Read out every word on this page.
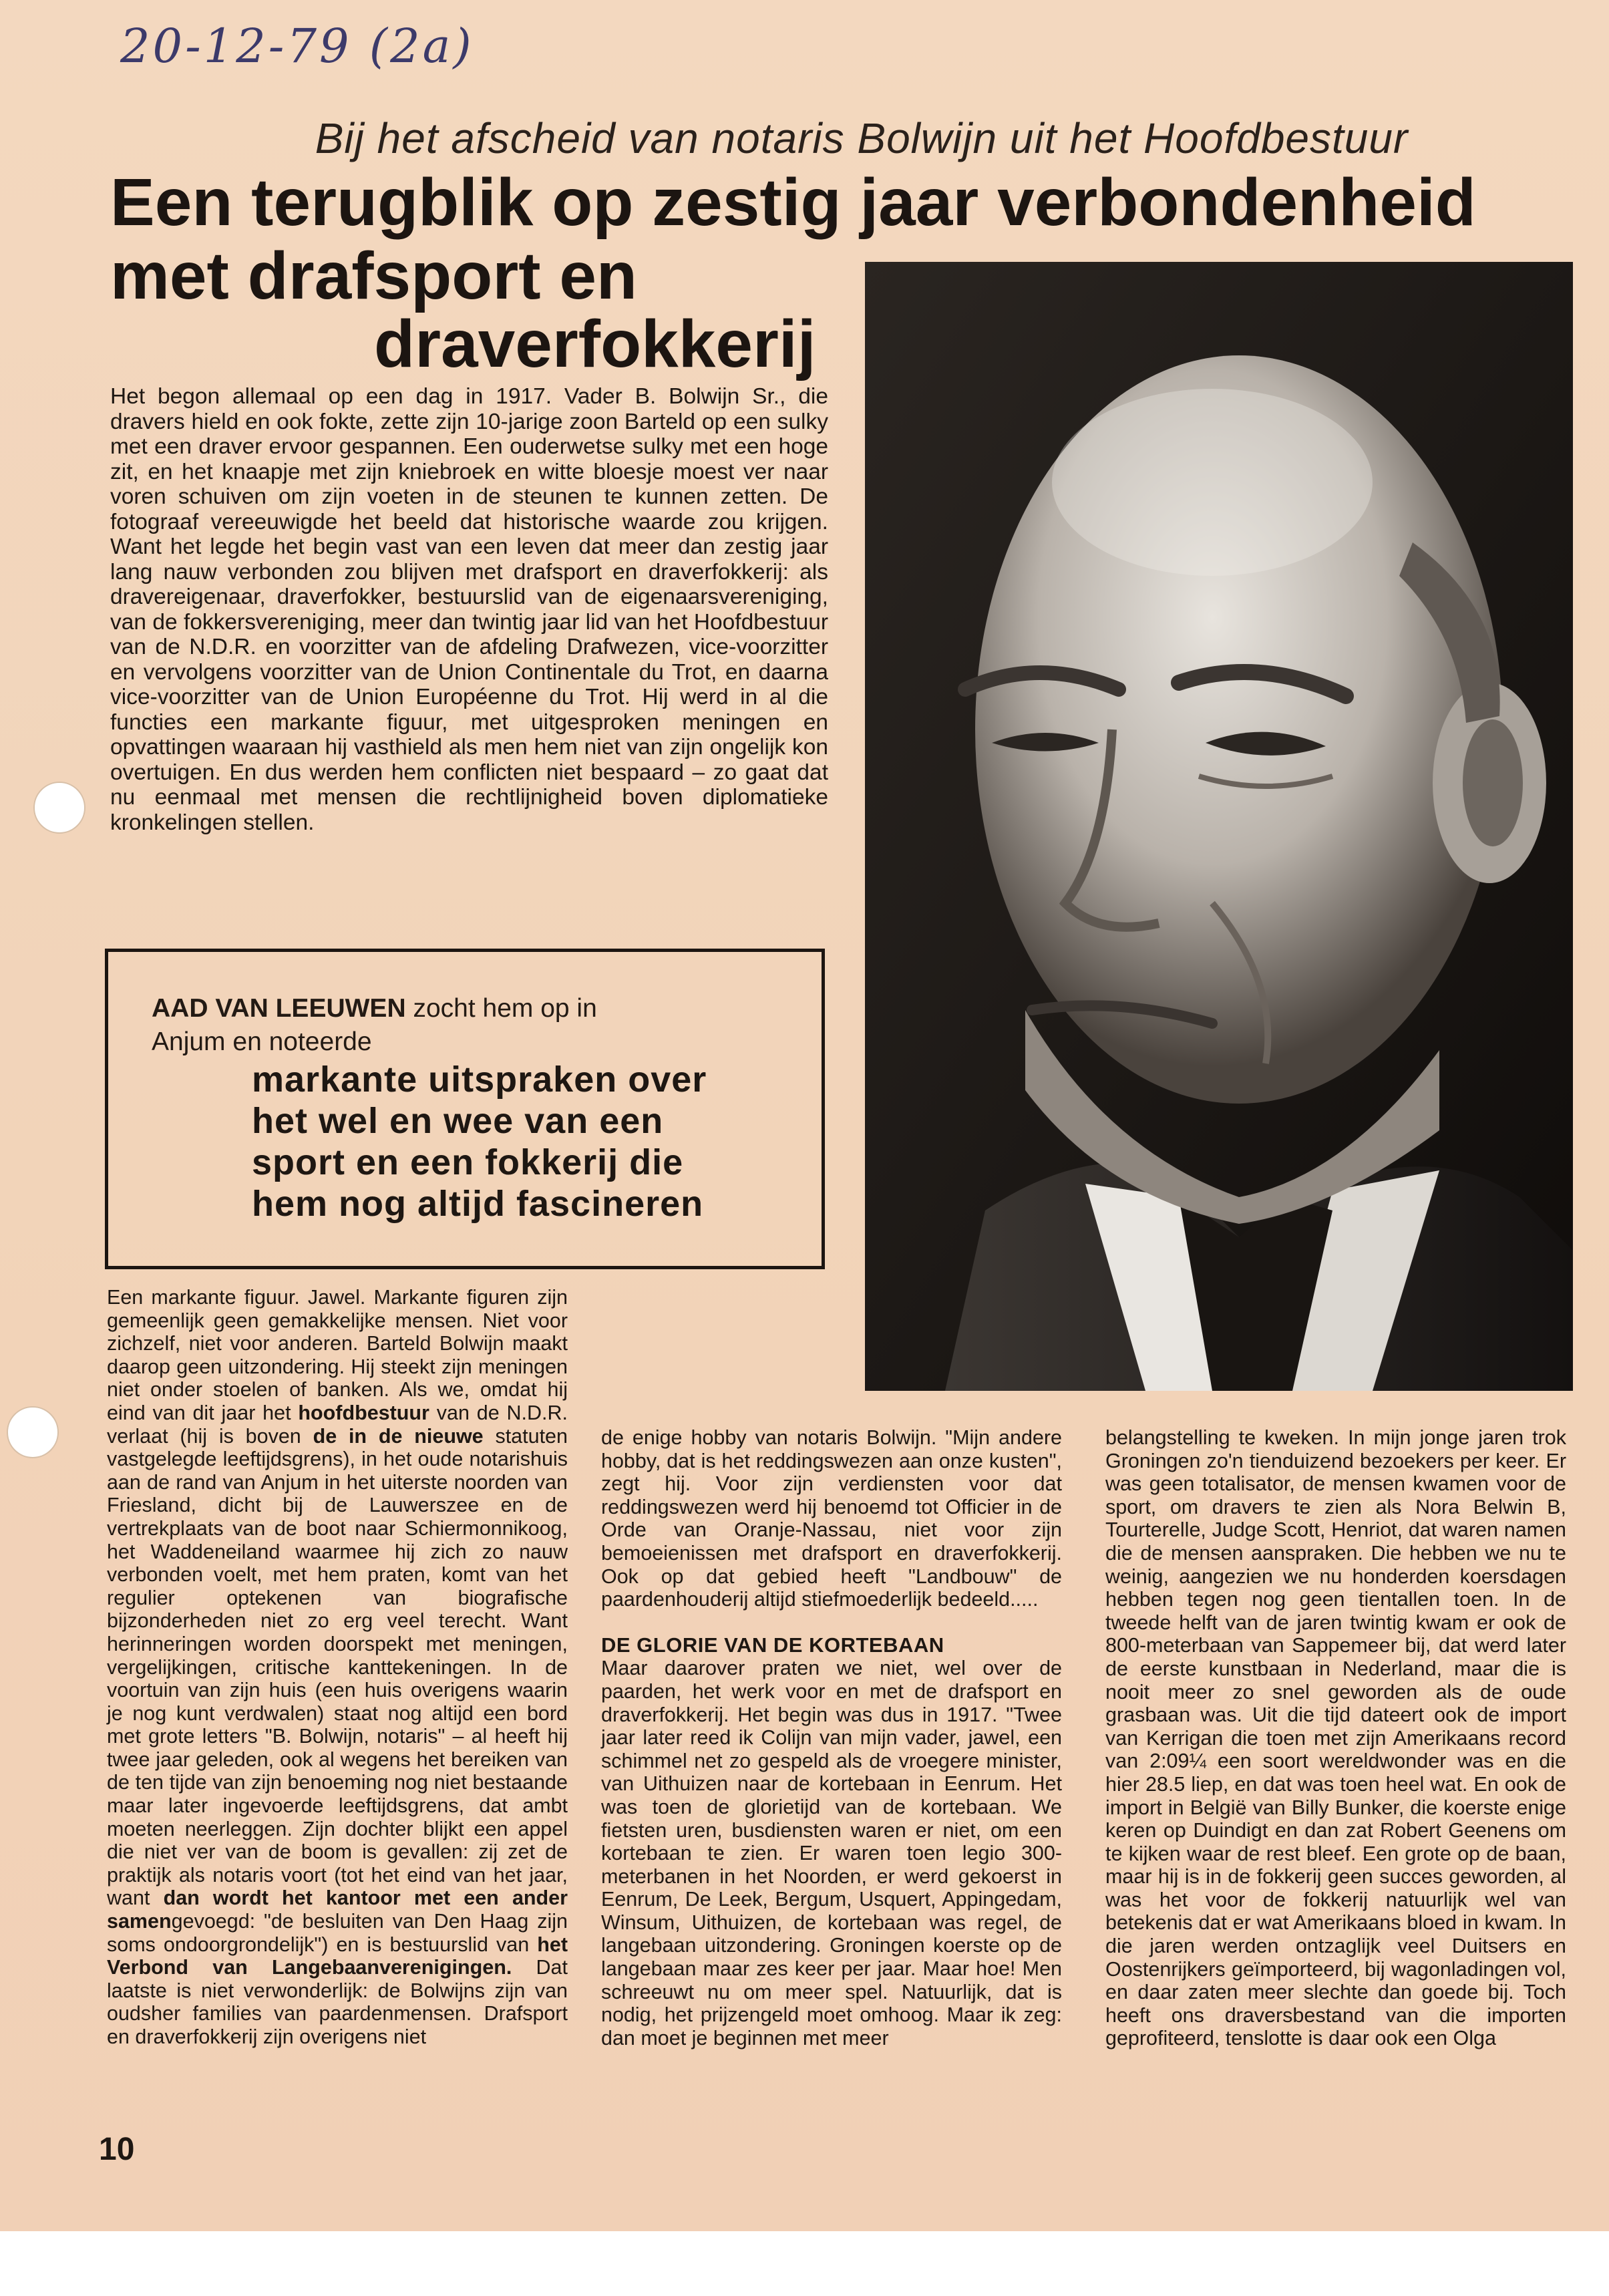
20-12-79 (2a)
Bij het afscheid van notaris Bolwijn uit het Hoofdbestuur
Een terugblik op zestig jaar verbondenheid
met drafsport en
draverfokkerij
Het begon allemaal op een dag in 1917. Vader B. Bolwijn Sr., die dravers hield en ook fokte, zette zijn 10-jarige zoon Barteld op een sulky met een draver ervoor gespannen. Een ouderwetse sulky met een hoge zit, en het knaapje met zijn kniebroek en witte bloesje moest ver naar voren schuiven om zijn voeten in de steunen te kunnen zetten. De fotograaf vereeuwigde het beeld dat historische waarde zou krijgen. Want het legde het begin vast van een leven dat meer dan zestig jaar lang nauw verbonden zou blijven met drafsport en draverfokkerij: als dravereigenaar, draverfokker, bestuurslid van de eigenaarsvereniging, van de fokkersvereniging, meer dan twintig jaar lid van het Hoofdbestuur van de N.D.R. en voorzitter van de afdeling Drafwezen, vice-voorzitter en vervolgens voorzitter van de Union Continentale du Trot, en daarna vice-voorzitter van de Union Européenne du Trot. Hij werd in al die functies een markante figuur, met uitgesproken meningen en opvattingen waaraan hij vasthield als men hem niet van zijn ongelijk kon overtuigen. En dus werden hem conflicten niet bespaard – zo gaat dat nu eenmaal met mensen die rechtlijnigheid boven diplomatieke kronkelingen stellen.
AAD VAN LEEUWEN zocht hem op in
Anjum en noteerde
markante uitspraken over
het wel en wee van een
sport en een fokkerij die
hem nog altijd fascineren

Een markante figuur. Jawel. Markante figuren zijn gemeenlijk geen gemakkelijke mensen. Niet voor zichzelf, niet voor anderen. Barteld Bolwijn maakt daarop geen uitzondering. Hij steekt zijn meningen niet onder stoelen of banken. Als we, omdat hij eind van dit jaar het hoofdbestuur van de N.D.R. verlaat (hij is boven de in de nieuwe statuten vastgelegde leeftijdsgrens), in het oude notarishuis aan de rand van Anjum in het uiterste noorden van Friesland, dicht bij de Lauwerszee en de vertrekplaats van de boot naar Schiermonnikoog, het Waddeneiland waarmee hij zich zo nauw verbonden voelt, met hem praten, komt van het regulier optekenen van biografische bijzonderheden niet zo erg veel terecht. Want herinneringen worden doorspekt met meningen, vergelijkingen, critische kanttekeningen. In de voortuin van zijn huis (een huis overigens waarin je nog kunt verdwalen) staat nog altijd een bord met grote letters "B. Bolwijn, notaris" – al heeft hij twee jaar geleden, ook al wegens het bereiken van de ten tijde van zijn benoeming nog niet bestaande maar later ingevoerde leeftijdsgrens, dat ambt moeten neerleggen. Zijn dochter blijkt een appel die niet ver van de boom is gevallen: zij zet de praktijk als notaris voort (tot het eind van het jaar, want dan wordt het kantoor met een ander samengevoegd: "de besluiten van Den Haag zijn soms ondoorgrondelijk") en is bestuurslid van het Verbond van Langebaanverenigingen. Dat laatste is niet verwonderlijk: de Bolwijns zijn van oudsher families van paardenmensen. Drafsport en draverfokkerij zijn overigens niet

de enige hobby van notaris Bolwijn. "Mijn andere hobby, dat is het reddingswezen aan onze kusten", zegt hij. Voor zijn verdiensten voor dat reddingswezen werd hij benoemd tot Officier in de Orde van Oranje-Nassau, niet voor zijn bemoeienissen met drafsport en draverfokkerij. Ook op dat gebied heeft "Landbouw" de paardenhouderij altijd stiefmoederlijk bedeeld.....

DE GLORIE VAN DE KORTEBAAN

Maar daarover praten we niet, wel over de paarden, het werk voor en met de drafsport en draverfokkerij. Het begin was dus in 1917. "Twee jaar later reed ik Colijn van mijn vader, jawel, een schimmel net zo gespeld als de vroegere minister, van Uithuizen naar de kortebaan in Eenrum. Het was toen de glorietijd van de kortebaan. We fietsten uren, busdiensten waren er niet, om een kortebaan te zien. Er waren toen legio 300-meterbanen in het Noorden, er werd gekoerst in Eenrum, De Leek, Bergum, Usquert, Appingedam, Winsum, Uithuizen, de kortebaan was regel, de langebaan uitzondering. Groningen koerste op de langebaan maar zes keer per jaar. Maar hoe! Men schreeuwt nu om meer spel. Natuurlijk, dat is nodig, het prijzengeld moet omhoog. Maar ik zeg: dan moet je beginnen met meer

belangstelling te kweken. In mijn jonge jaren trok Groningen zo'n tienduizend bezoekers per keer. Er was geen totalisator, de mensen kwamen voor de sport, om dravers te zien als Nora Belwin B, Tourterelle, Judge Scott, Henriot, dat waren namen die de mensen aanspraken. Die hebben we nu te weinig, aangezien we nu honderden koersdagen hebben tegen nog geen tientallen toen. In de tweede helft van de jaren twintig kwam er ook de 800-meterbaan van Sappemeer bij, dat werd later de eerste kunstbaan in Nederland, maar die is nooit meer zo snel geworden als de oude grasbaan was. Uit die tijd dateert ook de import van Kerrigan die toen met zijn Amerikaans record van 2:09¼ een soort wereldwonder was en die hier 28.5 liep, en dat was toen heel wat. En ook de import in België van Billy Bunker, die koerste enige keren op Duindigt en dan zat Robert Geenens om te kijken waar de rest bleef. Een grote op de baan, maar hij is in de fokkerij geen succes geworden, al was het voor de fokkerij natuurlijk wel van betekenis dat er wat Amerikaans bloed in kwam. In die jaren werden ontzaglijk veel Duitsers en Oostenrijkers geïmporteerd, bij wagonladingen vol, en daar zaten meer slechte dan goede bij. Toch heeft ons draversbestand van die importen geprofiteerd, tenslotte is daar ook een Olga

10
